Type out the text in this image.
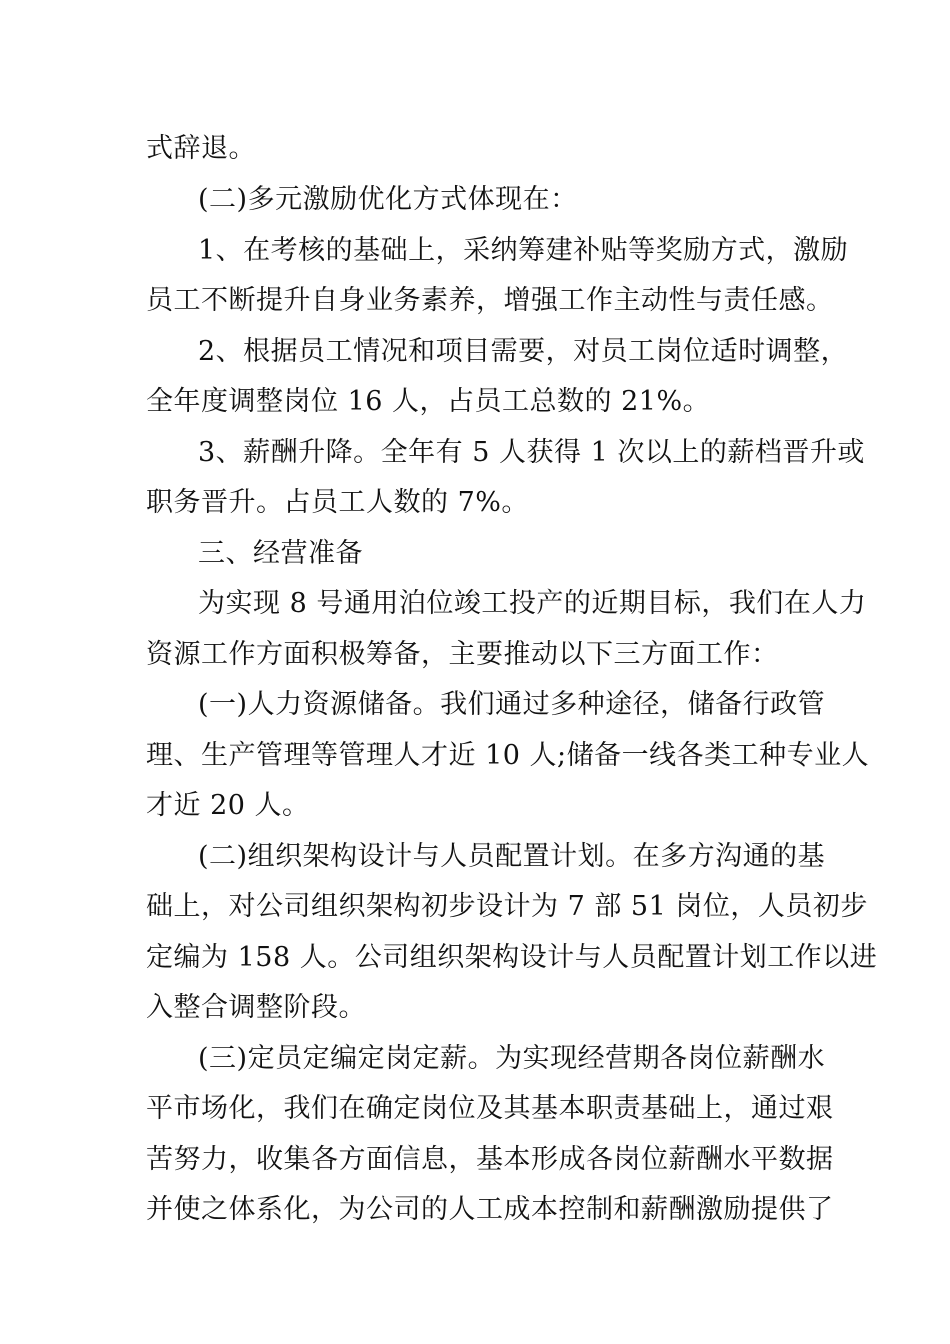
式辞退。
(二)多元激励优化方式体现在：
1、在考核的基础上，采纳筹建补贴等奖励方式，激励
员工不断提升自身业务素养，增强工作主动性与责任感。
2、根据员工情况和项目需要，对员工岗位适时调整，
全年度调整岗位 16 人，占员工总数的 21%。
3、薪酬升降。全年有 5 人获得 1 次以上的薪档晋升或
职务晋升。占员工人数的 7%。
三、经营准备
为实现 8 号通用泊位竣工投产的近期目标，我们在人力
资源工作方面积极筹备，主要推动以下三方面工作：
(一)人力资源储备。我们通过多种途径，储备行政管
理、生产管理等管理人才近 10 人;储备一线各类工种专业人
才近 20 人。
(二)组织架构设计与人员配置计划。在多方沟通的基
础上，对公司组织架构初步设计为 7 部 51 岗位，人员初步
定编为 158 人。公司组织架构设计与人员配置计划工作以进
入整合调整阶段。
(三)定员定编定岗定薪。为实现经营期各岗位薪酬水
平市场化，我们在确定岗位及其基本职责基础上，通过艰
苦努力，收集各方面信息，基本形成各岗位薪酬水平数据
并使之体系化，为公司的人工成本控制和薪酬激励提供了
